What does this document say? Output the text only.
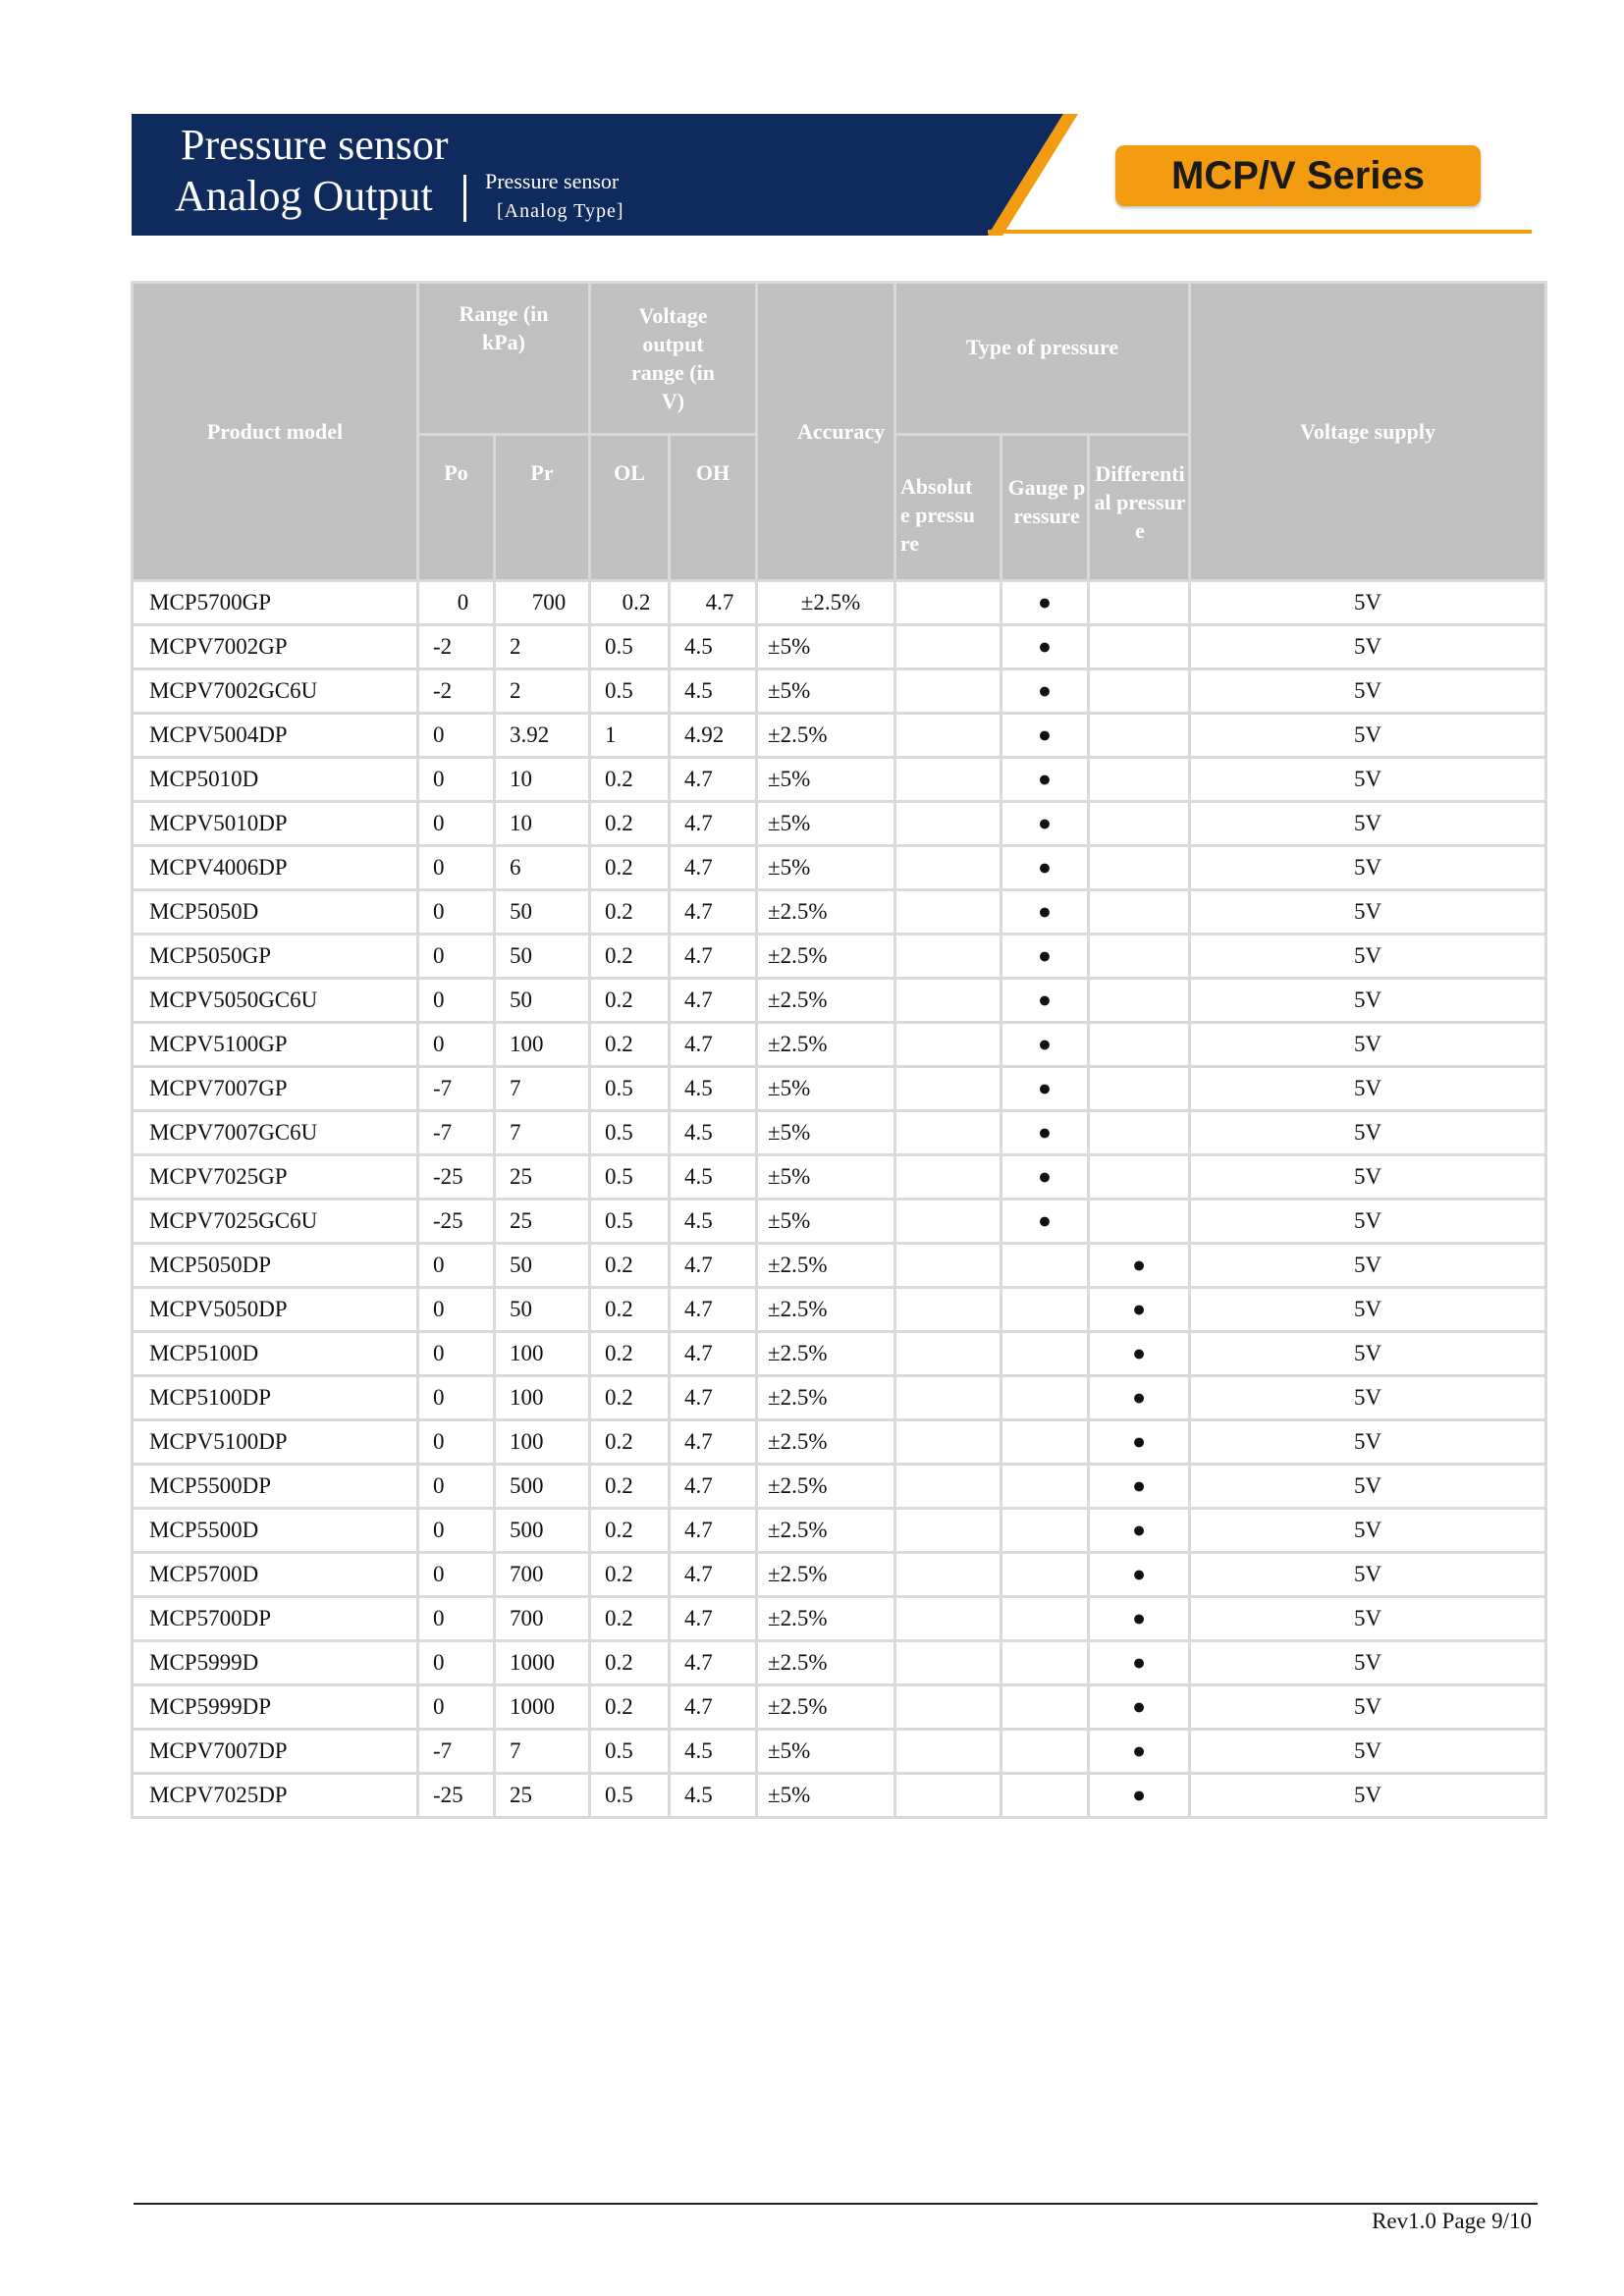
Pressure sensor
Analog Output Pressure sensor
[Analog Type]
MCP/V Series
Product model	Range (in kPa)		Voltage output range (in V)		Accuracy	Type of pressure			Voltage supply

	Po	Pr	OL	OH		Absolute pressure	Gauge pressure	Differential pressure	

MCP5700GP	0	700	0.2	4.7	±2.5%		●		5V
MCPV7002GP	-2	2	0.5	4.5	±5%		●		5V
MCPV7002GC6U	-2	2	0.5	4.5	±5%		●		5V
MCPV5004DP	0	3.92	1	4.92	±2.5%		●		5V
MCP5010D	0	10	0.2	4.7	±5%		●		5V
MCPV5010DP	0	10	0.2	4.7	±5%		●		5V
MCPV4006DP	0	6	0.2	4.7	±5%		●		5V
MCP5050D	0	50	0.2	4.7	±2.5%		●		5V
MCP5050GP	0	50	0.2	4.7	±2.5%		●		5V
MCPV5050GC6U	0	50	0.2	4.7	±2.5%		●		5V
MCPV5100GP	0	100	0.2	4.7	±2.5%		●		5V
MCPV7007GP	-7	7	0.5	4.5	±5%		●		5V
MCPV7007GC6U	-7	7	0.5	4.5	±5%		●		5V
MCPV7025GP	-25	25	0.5	4.5	±5%		●		5V
MCPV7025GC6U	-25	25	0.5	4.5	±5%		●		5V
MCP5050DP	0	50	0.2	4.7	±2.5%			●	5V
MCPV5050DP	0	50	0.2	4.7	±2.5%			●	5V
MCP5100D	0	100	0.2	4.7	±2.5%			●	5V
MCP5100DP	0	100	0.2	4.7	±2.5%			●	5V
MCPV5100DP	0	100	0.2	4.7	±2.5%			●	5V
MCP5500DP	0	500	0.2	4.7	±2.5%			●	5V
MCP5500D	0	500	0.2	4.7	±2.5%			●	5V
MCP5700D	0	700	0.2	4.7	±2.5%			●	5V
MCP5700DP	0	700	0.2	4.7	±2.5%			●	5V
MCP5999D	0	1000	0.2	4.7	±2.5%			●	5V
MCP5999DP	0	1000	0.2	4.7	±2.5%			●	5V
MCPV7007DP	-7	7	0.5	4.5	±5%			●	5V
MCPV7025DP	-25	25	0.5	4.5	±5%			●	5V
Rev1.0 Page 9/10
